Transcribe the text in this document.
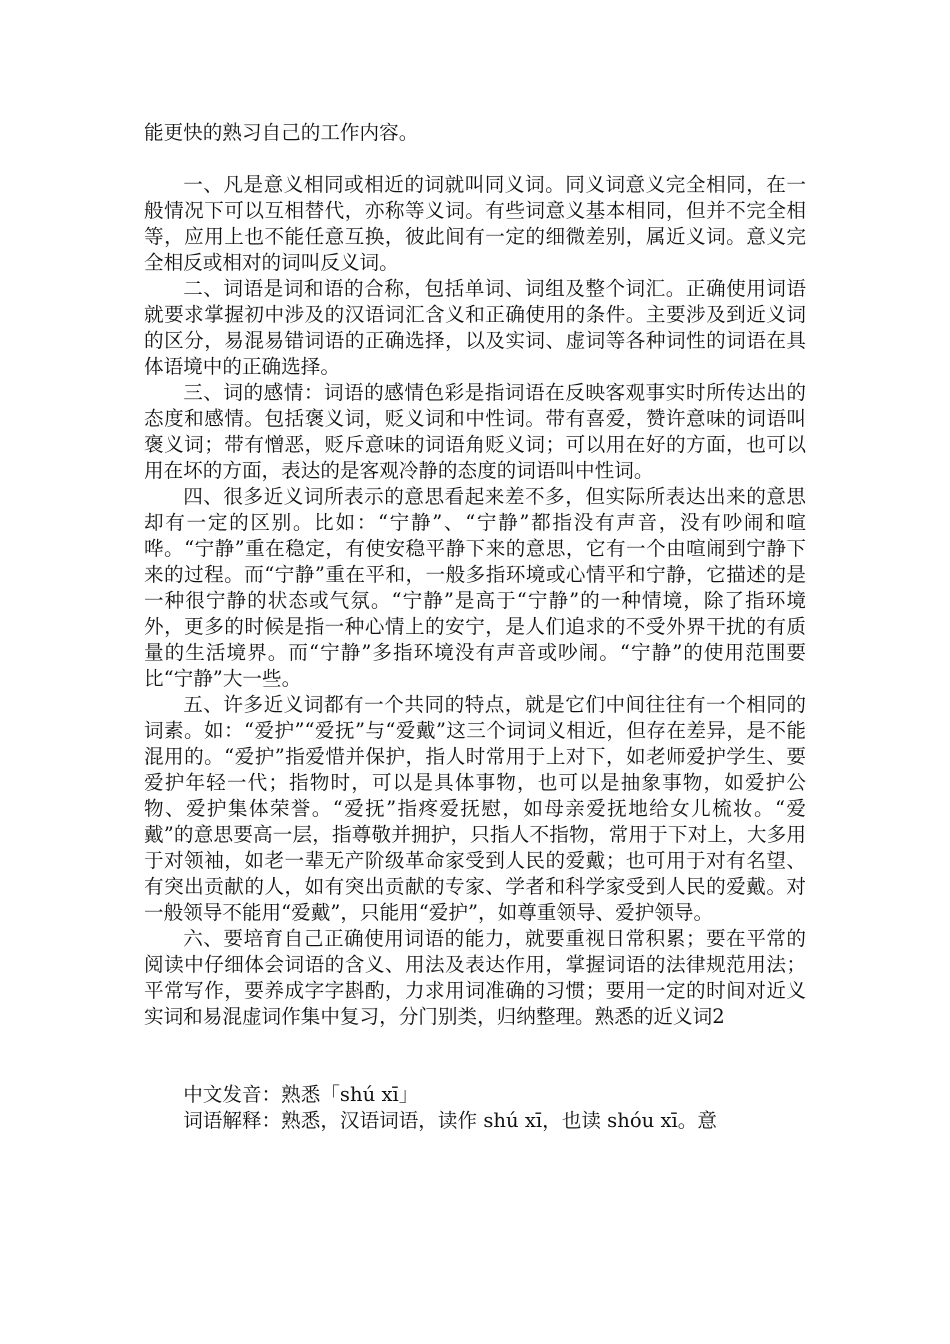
能更快的熟习自己的工作内容。

一、凡是意义相同或相近的词就叫同义词。同义词意义完全相同，在一般情况下可以互相替代，亦称等义词。有些词意义基本相同，但并不完全相等，应用上也不能任意互换，彼此间有一定的细微差别，属近义词。意义完全相反或相对的词叫反义词。

二、词语是词和语的合称，包括单词、词组及整个词汇。正确使用词语就要求掌握初中涉及的汉语词汇含义和正确使用的条件。主要涉及到近义词的区分，易混易错词语的正确选择，以及实词、虚词等各种词性的词语在具体语境中的正确选择。

三、词的感情：词语的感情色彩是指词语在反映客观事实时所传达出的态度和感情。包括褒义词，贬义词和中性词。带有喜爱，赞许意味的词语叫褒义词；带有憎恶，贬斥意味的词语角贬义词；可以用在好的方面，也可以用在坏的方面，表达的是客观冷静的态度的词语叫中性词。

四、很多近义词所表示的意思看起来差不多，但实际所表达出来的意思却有一定的区别。比如：“宁静”、“宁静”都指没有声音，没有吵闹和喧哗。“宁静”重在稳定，有使安稳平静下来的意思，它有一个由喧闹到宁静下来的过程。而“宁静”重在平和，一般多指环境或心情平和宁静，它描述的是一种很宁静的状态或气氛。“宁静”是高于“宁静”的一种情境，除了指环境外，更多的时候是指一种心情上的安宁，是人们追求的不受外界干扰的有质量的生活境界。而“宁静”多指环境没有声音或吵闹。“宁静”的使用范围要比“宁静”大一些。

五、许多近义词都有一个共同的特点，就是它们中间往往有一个相同的词素。如：“爱护”“爱抚”与“爱戴”这三个词词义相近，但存在差异，是不能混用的。“爱护”指爱惜并保护，指人时常用于上对下，如老师爱护学生、要爱护年轻一代；指物时，可以是具体事物，也可以是抽象事物，如爱护公物、爱护集体荣誉。“爱抚”指疼爱抚慰，如母亲爱抚地给女儿梳妆。“爱戴”的意思要高一层，指尊敬并拥护，只指人不指物，常用于下对上，大多用于对领袖，如老一辈无产阶级革命家受到人民的爱戴；也可用于对有名望、有突出贡献的人，如有突出贡献的专家、学者和科学家受到人民的爱戴。对一般领导不能用“爱戴”，只能用“爱护”，如尊重领导、爱护领导。

六、要培育自己正确使用词语的能力，就要重视日常积累；要在平常的阅读中仔细体会词语的含义、用法及表达作用，掌握词语的法律规范用法；平常写作，要养成字字斟酌，力求用词准确的习惯；要用一定的时间对近义实词和易混虚词作集中复习，分门别类，归纳整理。熟悉的近义词2

中文发音：熟悉「shú xī」

词语解释：熟悉，汉语词语，读作 shú xī，也读 shóu xī。意
